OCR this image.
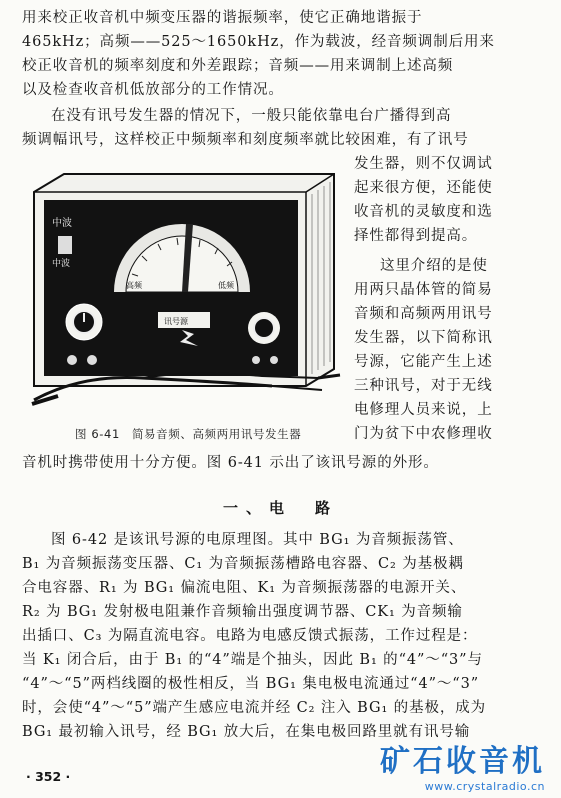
用来校正收音机中频变压器的谐振频率，使它正确地谐振于
465kHz；高频——525～1650kHz，作为载波，经音频调制后用来
校正收音机的频率刻度和外差跟踪；音频——用来调制上述高频
以及检查收音机低放部分的工作情况。
在没有讯号发生器的情况下，一般只能依靠电台广播得到高
频调幅讯号，这样校正中频频率和刻度频率就比较困难，有了讯号
发生器，则不仅调试
起来很方便，还能使
收音机的灵敏度和选
择性都得到提高。
这里介绍的是使
用两只晶体管的简易
音频和高频两用讯号
发生器，以下简称讯
号源，它能产生上述
三种讯号，对于无线
电修理人员来说，上
门为贫下中农修理收
中波
中波
高频	低频
讯号源
图 6-41　简易音频、高频两用讯号发生器
音机时携带使用十分方便。图 6-41 示出了该讯号源的外形。
一、电　路
图 6-42 是该讯号源的电原理图。其中 BG₁ 为音频振荡管、
B₁ 为音频振荡变压器、C₁ 为音频振荡槽路电容器、C₂ 为基极耦
合电容器、R₁ 为 BG₁ 偏流电阻、K₁ 为音频振荡器的电源开关、
R₂ 为 BG₁ 发射极电阻兼作音频输出强度调节器、CK₁ 为音频输
出插口、C₃ 为隔直流电容。电路为电感反馈式振荡，工作过程是：
当 K₁ 闭合后，由于 B₁ 的“4”端是个抽头，因此 B₁ 的“4”～“3”与
“4”～“5”两档线圈的极性相反，当 BG₁ 集电极电流通过“4”～“3”
时，会使“4”～“5”端产生感应电流并经 C₂ 注入 BG₁ 的基极，成为
BG₁ 最初输入讯号，经 BG₁ 放大后，在集电极回路里就有讯号输
· 352 ·	矿石收音机
www.crystalradio.cn
